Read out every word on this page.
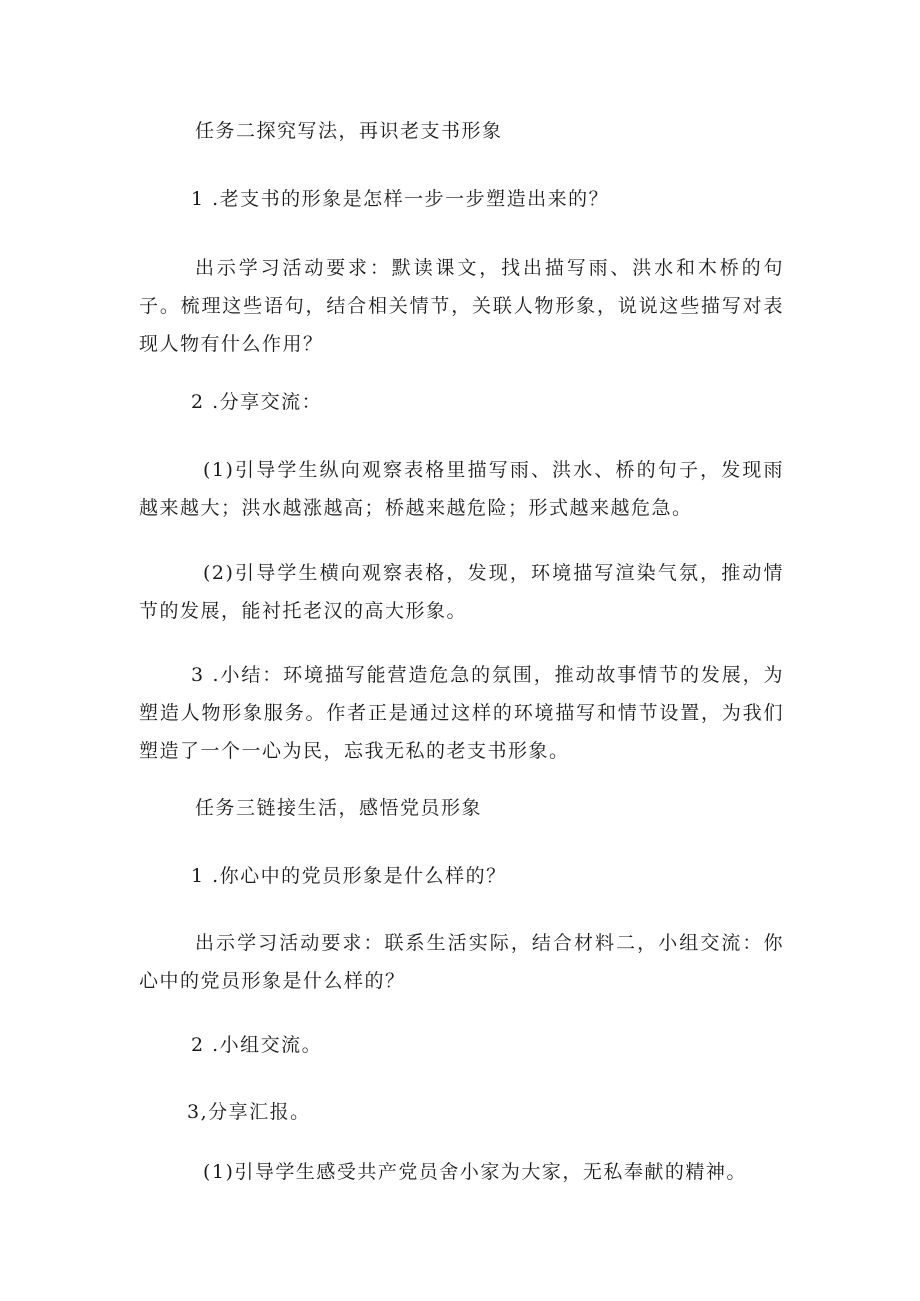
任务二探究写法，再识老支书形象

1 .老支书的形象是怎样一步一步塑造出来的？

出示学习活动要求：默读课文，找出描写雨、洪水和木桥的句子。梳理这些语句，结合相关情节，关联人物形象，说说这些描写对表现人物有什么作用？

2 .分享交流：

(1)引导学生纵向观察表格里描写雨、洪水、桥的句子，发现雨越来越大；洪水越涨越高；桥越来越危险；形式越来越危急。

(2)引导学生横向观察表格，发现，环境描写渲染气氛，推动情节的发展，能衬托老汉的高大形象。

3 .小结：环境描写能营造危急的氛围，推动故事情节的发展，为塑造人物形象服务。作者正是通过这样的环境描写和情节设置，为我们塑造了一个一心为民，忘我无私的老支书形象。

任务三链接生活，感悟党员形象

1 .你心中的党员形象是什么样的？

出示学习活动要求：联系生活实际，结合材料二，小组交流：你心中的党员形象是什么样的？

2 .小组交流。

3,分享汇报。

(1)引导学生感受共产党员舍小家为大家，无私奉献的精神。
